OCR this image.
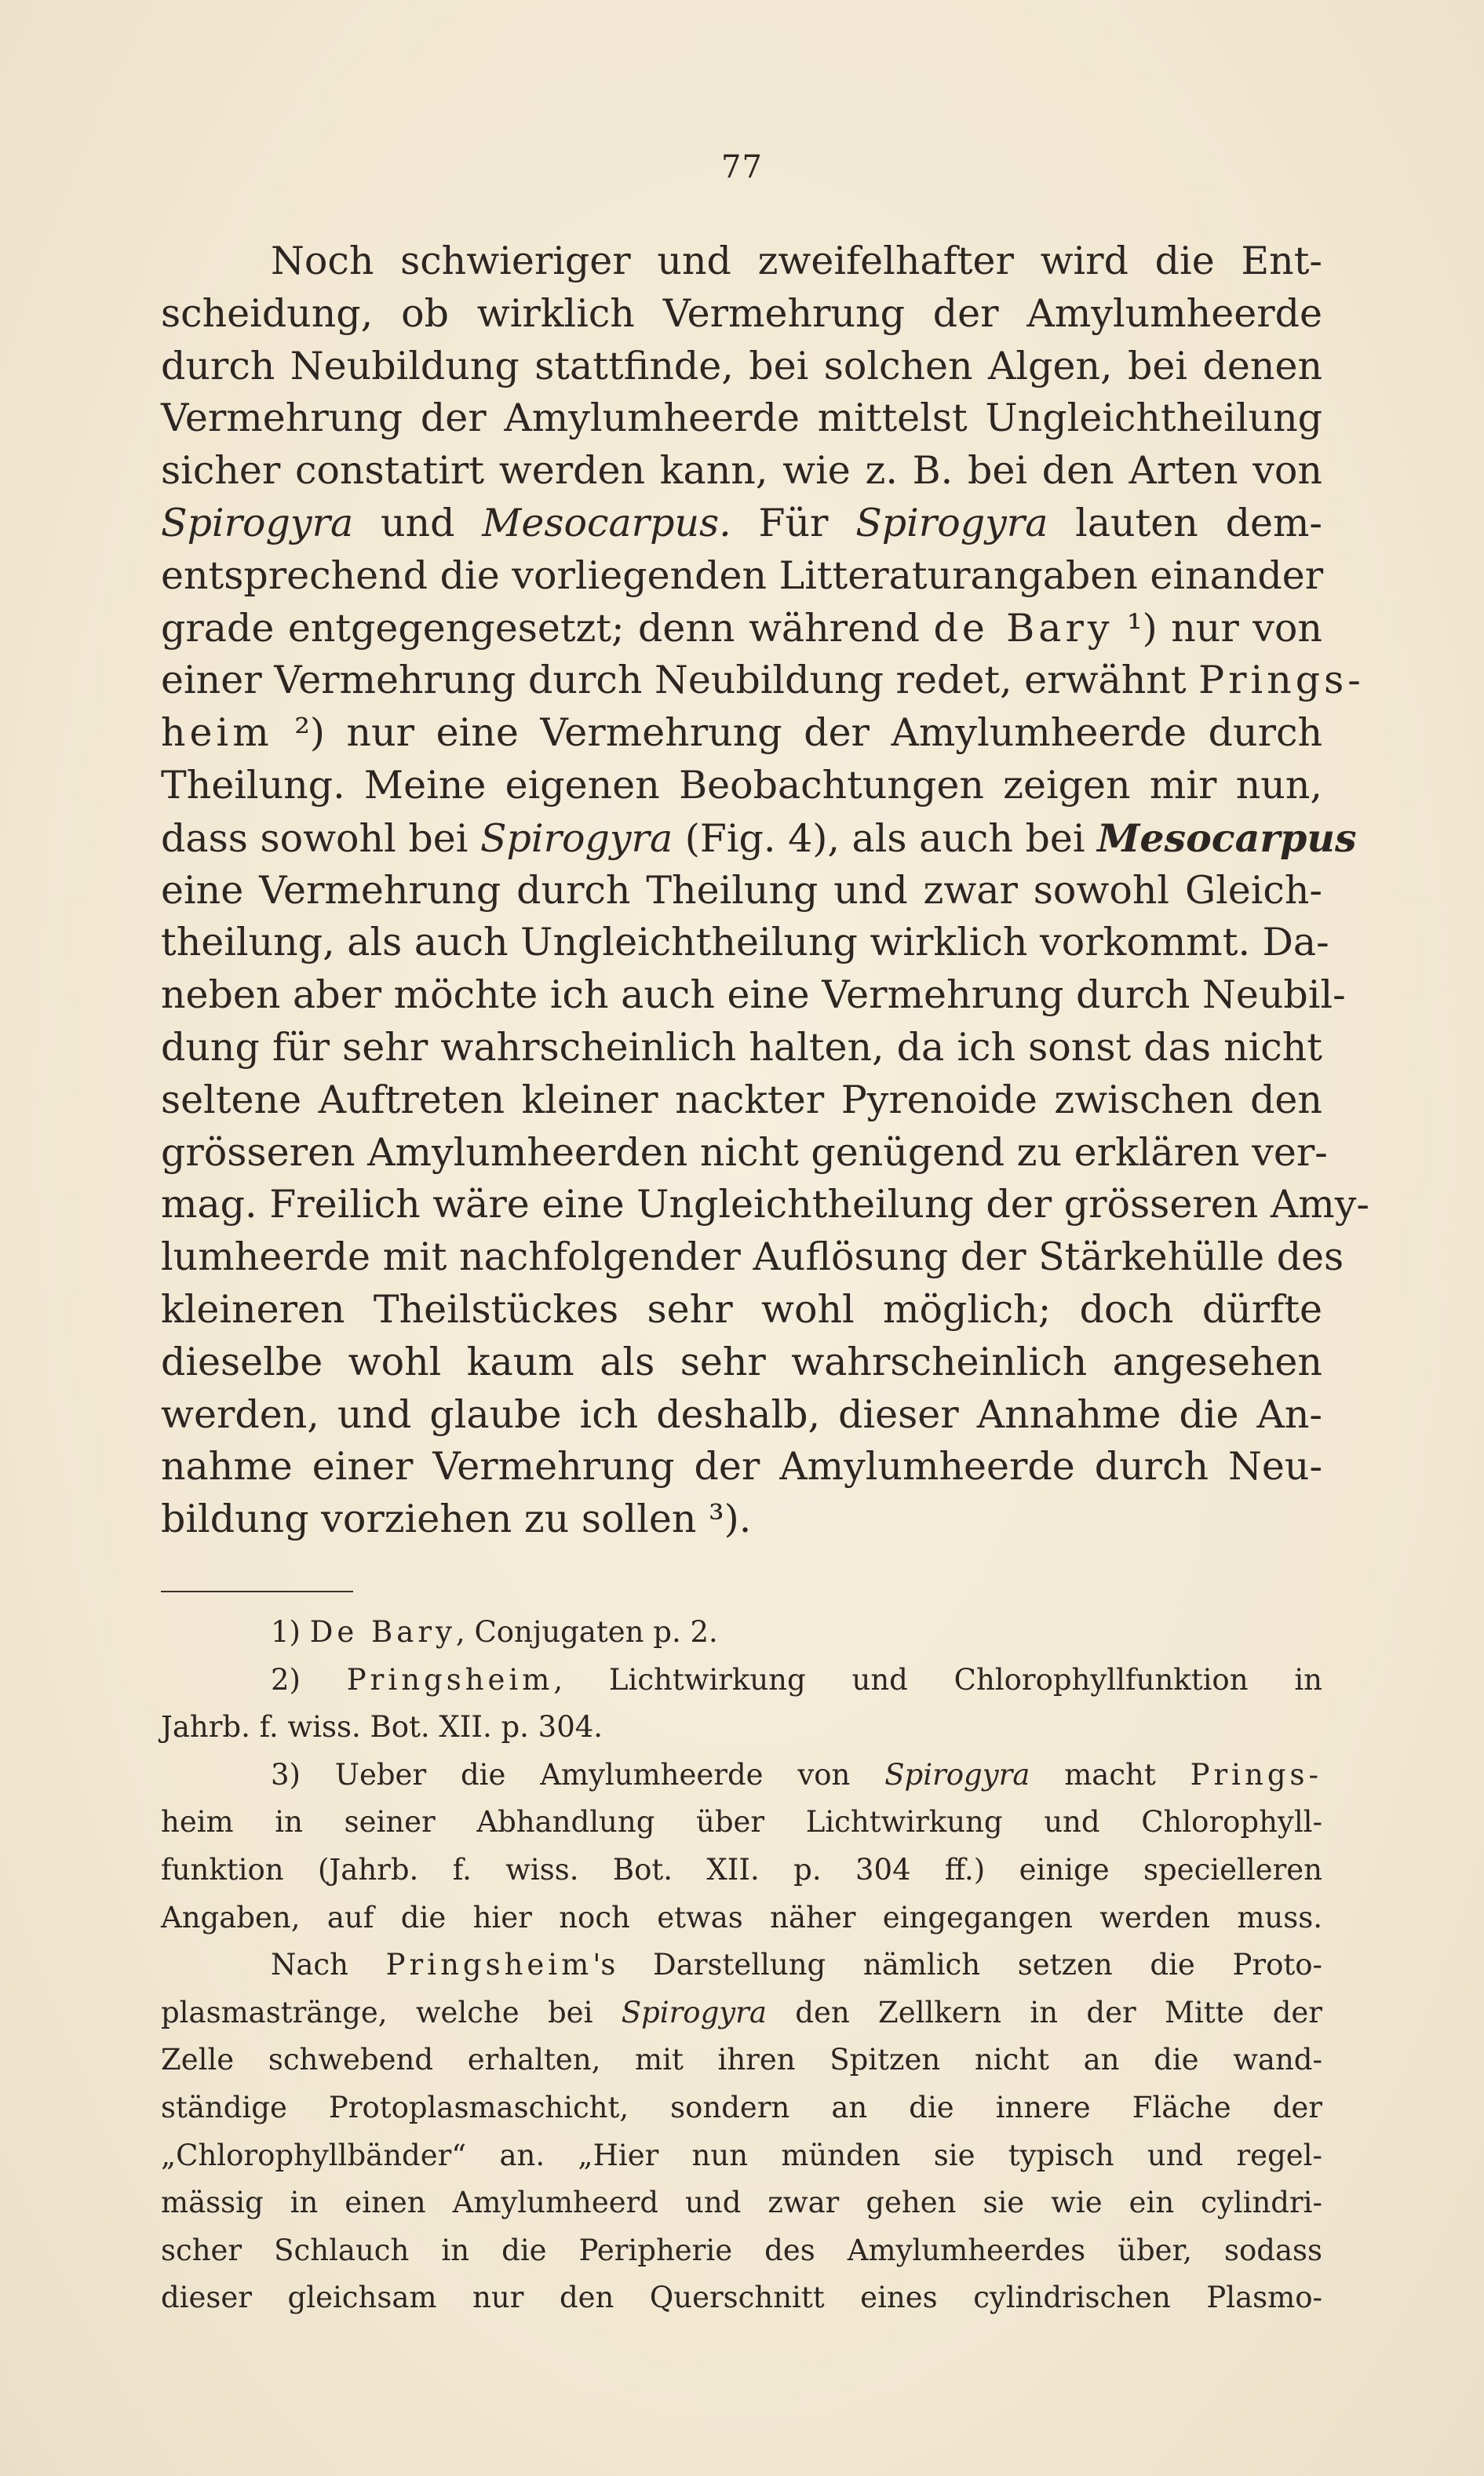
77
Noch schwieriger und zweifelhafter wird die Ent-
scheidung, ob wirklich Vermehrung der Amylumheerde
durch Neubildung stattfinde, bei solchen Algen, bei denen
Vermehrung der Amylumheerde mittelst Ungleichtheilung
sicher constatirt werden kann, wie z. B. bei den Arten von
Spirogyra und Mesocarpus. Für Spirogyra lauten dem-
entsprechend die vorliegenden Litteraturangaben einander
grade entgegengesetzt; denn während de Bary ¹) nur von
einer Vermehrung durch Neubildung redet, erwähnt Prings-
heim ²) nur eine Vermehrung der Amylumheerde durch
Theilung. Meine eigenen Beobachtungen zeigen mir nun,
dass sowohl bei Spirogyra (Fig. 4), als auch bei Mesocarpus
eine Vermehrung durch Theilung und zwar sowohl Gleich-
theilung, als auch Ungleichtheilung wirklich vorkommt. Da-
neben aber möchte ich auch eine Vermehrung durch Neubil-
dung für sehr wahrscheinlich halten, da ich sonst das nicht
seltene Auftreten kleiner nackter Pyrenoide zwischen den
grösseren Amylumheerden nicht genügend zu erklären ver-
mag. Freilich wäre eine Ungleichtheilung der grösseren Amy-
lumheerde mit nachfolgender Auflösung der Stärkehülle des
kleineren Theilstückes sehr wohl möglich; doch dürfte
dieselbe wohl kaum als sehr wahrscheinlich angesehen
werden, und glaube ich deshalb, dieser Annahme die An-
nahme einer Vermehrung der Amylumheerde durch Neu-
bildung vorziehen zu sollen ³).
1) De Bary, Conjugaten p. 2.
2) Pringsheim, Lichtwirkung und Chlorophyllfunktion in
Jahrb. f. wiss. Bot. XII. p. 304.
3) Ueber die Amylumheerde von Spirogyra macht Prings-
heim in seiner Abhandlung über Lichtwirkung und Chlorophyll-
funktion (Jahrb. f. wiss. Bot. XII. p. 304 ff.) einige specielleren
Angaben, auf die hier noch etwas näher eingegangen werden muss.
Nach Pringsheim's Darstellung nämlich setzen die Proto-
plasmastränge, welche bei Spirogyra den Zellkern in der Mitte der
Zelle schwebend erhalten, mit ihren Spitzen nicht an die wand-
ständige Protoplasmaschicht, sondern an die innere Fläche der
„Chlorophyllbänder“ an. „Hier nun münden sie typisch und regel-
mässig in einen Amylumheerd und zwar gehen sie wie ein cylindri-
scher Schlauch in die Peripherie des Amylumheerdes über, sodass
dieser gleichsam nur den Querschnitt eines cylindrischen Plasmo-
